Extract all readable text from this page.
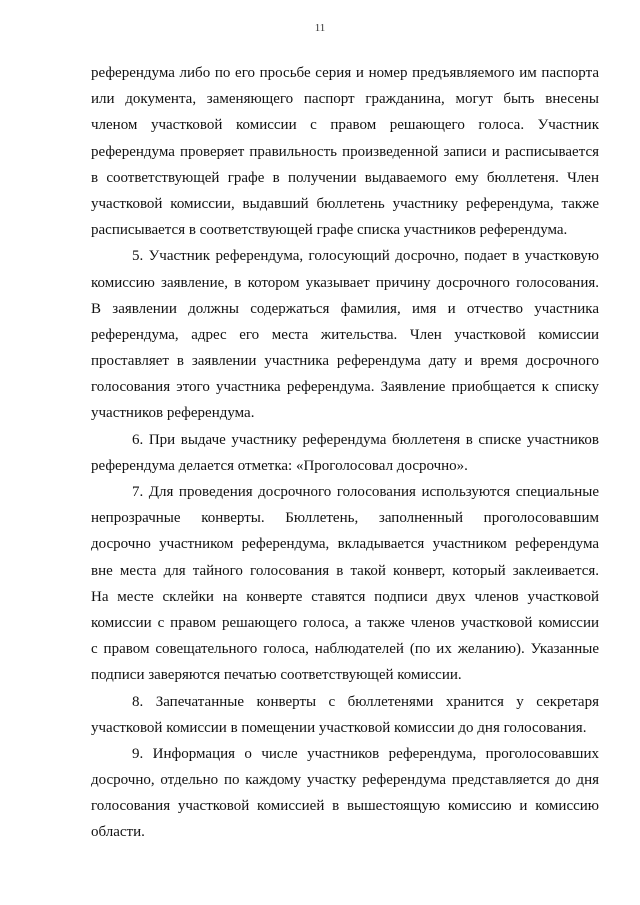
11
референдума либо по его просьбе серия и номер предъявляемого им паспорта
или документа, заменяющего паспорт гражданина, могут быть внесены
членом участковой комиссии с правом решающего голоса. Участник
референдума проверяет правильность произведенной записи и расписывается
в соответствующей графе в получении выдаваемого ему бюллетеня. Член
участковой комиссии, выдавший бюллетень участнику референдума, также
расписывается в соответствующей графе списка участников референдума.
5. Участник референдума, голосующий досрочно, подает в участковую
комиссию заявление, в котором указывает причину досрочного голосования.
В заявлении должны содержаться фамилия, имя и отчество участника
референдума, адрес его места жительства. Член участковой комиссии
проставляет в заявлении участника референдума дату и время досрочного
голосования этого участника референдума. Заявление приобщается к списку
участников референдума.
6. При выдаче участнику референдума бюллетеня в списке участников
референдума делается отметка: «Проголосовал досрочно».
7. Для проведения досрочного голосования используются специальные
непрозрачные конверты. Бюллетень, заполненный проголосовавшим
досрочно участником референдума, вкладывается участником референдума
вне места для тайного голосования в такой конверт, который заклеивается.
На месте склейки на конверте ставятся подписи двух членов участковой
комиссии с правом решающего голоса, а также членов участковой комиссии
с правом совещательного голоса, наблюдателей (по их желанию). Указанные
подписи заверяются печатью соответствующей комиссии.
8. Запечатанные конверты с бюллетенями хранится у секретаря
участковой комиссии в помещении участковой комиссии до дня голосования.
9. Информация о числе участников референдума, проголосовавших
досрочно, отдельно по каждому участку референдума представляется до дня
голосования участковой комиссией в вышестоящую комиссию и комиссию
области.
